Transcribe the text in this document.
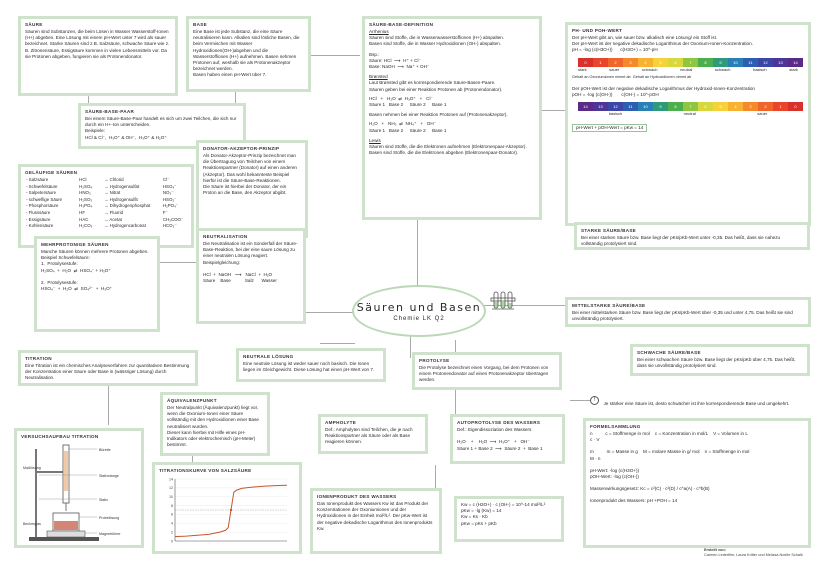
SÄURE
Säuren sind Substanzen, die beim Lösen in Wasser Wasserstoff-Ionen (H+) abgeben. Eine Lösung mit einem pH-Wert unter 7 wird als sauer bezeichnet. Starke Säuren sind z.B. Salzsäure, schwache Säure wie z. B. Zitronensäure, Essigsäure kommen in vielen Lebensmitteln vor. Da sie Protonen abgeben, fungieren sie als Protonendonator.
BASE
Eine Base ist jede Substanz, die eine Säure neutralisieren kann. Alkalien sind lösliche Basen, die beim Vermischen mit Wasser Hydroxidionen(OH-)abgeben und die Wasserstoffionen (H+) aufnehmen. Basen nehmen Protonen auf, weshalb sie als Protonenakzeptor bezeichnet werden.
Basen haben einen pH-Wert über 7.
SÄURE-BASE-PAAR
Bei einem Säure-Base-Paar handelt es sich um zwei Teilchen, die sich nur durch ein H+-Ion unterscheiden.
Beispiele:
HCl & Cl⁻,  H₃O⁺ & OH⁻,  H₃O⁺ & H₂O⁺
SÄURE-BASE-DEFINITION
Arrhenius
Säuren sind Stoffe, die in Wasserwasserstoffionen (H+) abspalten.
Basen sind Stoffe, die in Wasser Hydroxidionen (OH-) abspalten.
Bsp.:
Säure: HCl  ⟶  H⁺ + Cl⁻
Base: NaOH  ⟶  Na⁺ + OH⁻
Brønsted
Laut Brønsted gibt es korrespondierende Säure-Basen-Paare.
Säuren geben bei einer Reaktion Protonen ab (Protonendonator).
HCl   +   H₂O  ⇌  H₃O⁺   +   Cl⁻
Säure 1   Base 2     Säure 2     Base 1
Basen nehmen bei einer Reaktion Protonen auf (Protonenakzeptor).
H₂O   +   NH₃  ⇌  NH₄⁺   +   OH⁻
Säure 1   Base 2     Säure 2     Base 1
Lewis
Säuren sind Stoffe, die die Elektronen aufnehmen (Elektronenpaar-Akzeptor).
Basen sind Stoffe, die die Elektronen abgeben (Elektronenpaar-Donator).
PH- UND POH-WERT
Der pH-Wert gibt an, wie sauer bzw. alkalisch eine Lösung/ ein Stoff ist.
Der pH-Wert ist der negative dekadische Logarithmus der Oxonium-Ionen-Konzentration.
pH = -log (c(H3O+))      c(H3O+) = 10^-pH
0	1	2	3	4	5	6	7	8	9	10	11	12	13	14
stark	sauer	schwach	neutral	schwach	basisch	stark
Gehalt an Oxoniumionen nimmt ab  Gehalt an Hydroxidionen nimmt ab
Der pOH-Wert ist der negative dekadische Logarithmus der Hydroxid-Ionen-Konzentration
pOH = -log (c(OH-))       c(OH-) = 10^-pOH
0
1
2
3
4
5
6
7
8
9
10
11
12
13
14
basisch	neutral	sauer
pH-Wert + pOH-Wert = pKw = 14
GELÄUFIGE SÄUREN
- Salzsäure	HCl	→ Chlorid	Cl⁻
- Schwefelsäure	H₂SO₄	→ Hydrogensulfat	HSO₄⁻
- Salpetersäure	HNO₃	→ Nitrat	NO₃⁻
- schweflige Säure	H₂SO₃	→ Hydrogensulfit	HSO₃⁻
- Phosphorsäure	H₃PO₄	→ Dihydrogenphosphat	H₂PO₄⁻
- Flusssäure	HF	→ Fluorid	F⁻
- Essigsäure	HAC	→ Acetat	CH₃COO⁻
- Kohlensäure	H₂CO₃	→ Hydrogencarbonat	HCO₃⁻
DONATOR-AKZEPTOR-PRINZIP
Als Donator-Akzeptor-Prinzip bezeichnet man die Übertragung von Teilchen von einem Reaktionspartner (Donator) auf einen anderen (Akzeptor). Das wohl bekannteste Beispiel hierfür ist die Säure-Base-Reaktionen.
Die Säure ist hierbei der Donator, der ein Proton an die Base, den Akzeptor abgibt.
MEHRPROTONIGE SÄUREN
Manche Säuren können mehrere Protonen abgeben.
Beispiel Schwefelsäure:
1.  Protolysestufe:
H₂SO₄  +  H₂O  ⇌  HSO₄⁻ + H₃O⁺

2.  Protolysestufe:
HSO₄⁻  +  H₂O  ⇌  SO₄²⁻  +  H₃O⁺
NEUTRALISATION
Die Neutralisation ist ein Sonderfall der Säure-Base-Reaktion, bei der eine saure Lösung zu einer neutralen Lösung reagiert.
Beispielgleichung:

HCl  +  NaOH   ⟶   NaCl  +  H₂O
Säure    Base           Salz      Wasser
Säuren und Basen
Chemie LK Q2
STARKE SÄURE/BASE
Bei einer starken Säure bzw. Base liegt der pKs/pKb-Wert unter -0,35. Das heißt, dass sie nahezu vollständig protolysiert sind.
MITTELSTARKE SÄURE/BASE
Bei einer mittelstarken Säure bzw. Base liegt der pKs/pKb-Wert über -0,35 und unter 4,75. Das heißt sie sind unvollständig protolysiert.
SCHWACHE SÄURE/BASE
Bei einer schwachen Säure bzw. Base liegt der pKs/pKb über 4,75. Das heißt, dass sie unvollständig protolysiert sind.
! Je stärker eine Säure ist, desto schwächer ist ihre korrespondierende Base und umgekehrt.
TITRATION
Eine Titration ist ein chemisches Analyseverfahren zur quantitativen Bestimmung der Konzentration einer Säure oder Base in (wässriger Lösung) durch Neutralisation.
NEUTRALE LÖSUNG
Eine neutrale Lösung ist weder sauer noch basisch. Die Ionen liegen im Gleichgewicht. Diese Lösung hat einen pH-Wert von 7.
PROTOLYSE
Die Protolyse bezeichnet einen Vorgang, bei dem Protonen von einem Protonendonator auf einen Protonenakzeptor übertragen werden.
ÄQUIVALENZPUNKT
Der Neutralpunkt (Äquivalenzpunkt) liegt vor, wenn die Oxonium-Ionen einer Säure vollständig mit den Hydroxidionen einer Base neutralisiert wurden.
Dieser kann hierbei mit Hilfe eines pH-Indikators oder elektrochemisch (pH-Meter) bestimmt.
AMPHOLYTE
Def.: Ampholyten sind Teilchen, die je nach Reaktionspartner als Säure oder als Base reagieren können.
AUTOPROTOLYSE DES WASSERS
Def.: Eigendissoziation des Wassers

H₂O    +    H₂O  ⟶  H₃O⁺   +   OH⁻
Säure 1 + Base 2  ⟶  Säure 2  +  Base 1
FORMELSAMMLUNG
n          c = Stoffmenge in mol    c = Konzentration in mol/L    V = Volumen in L
c · V
m          m = Masse in g    M = molare Masse in g/ mol    n = Stoffmenge in mol
M · n
pH-Wert: -log (c(H3O+))
pOH-Wert: -log (c(OH-))
Massenwirkungsgesetz: Kc = c²(C) · c²(D) / c^a(A) · c^b(B)
Ionenprodukt des Wassers: pH +POH = 14
IONENPRODUKT DES WASSERS
Das Ionenprodukt des Wassers Kw ist das Produkt der Konzentrationen der Oxoniumionen und der Hydroxidionen in der Einheit mol²/L². Der pKw-Wert ist der negative dekadische Logarithmus des Ionenprodukts Kw.
Kw = c (H3O+) · c (OH-) = 10^-14 mol²/L²
pKw = -lg (Kw) = 14
Kw = Ks · Kb
pKw = pKs + pKb
VERSUCHSAUFBAU TITRATION
Bürette
Maßlösung
Stativstange
Stativ
Probelösung
Becherglas
Magnetrührer
TITRATIONSKURVE VON SALZSÄURE
0
2
4
6
8
10
12
14
Erstellt von:
Carmen Lederfilm, Laura Kritter und Melissa Noelle Schalk
